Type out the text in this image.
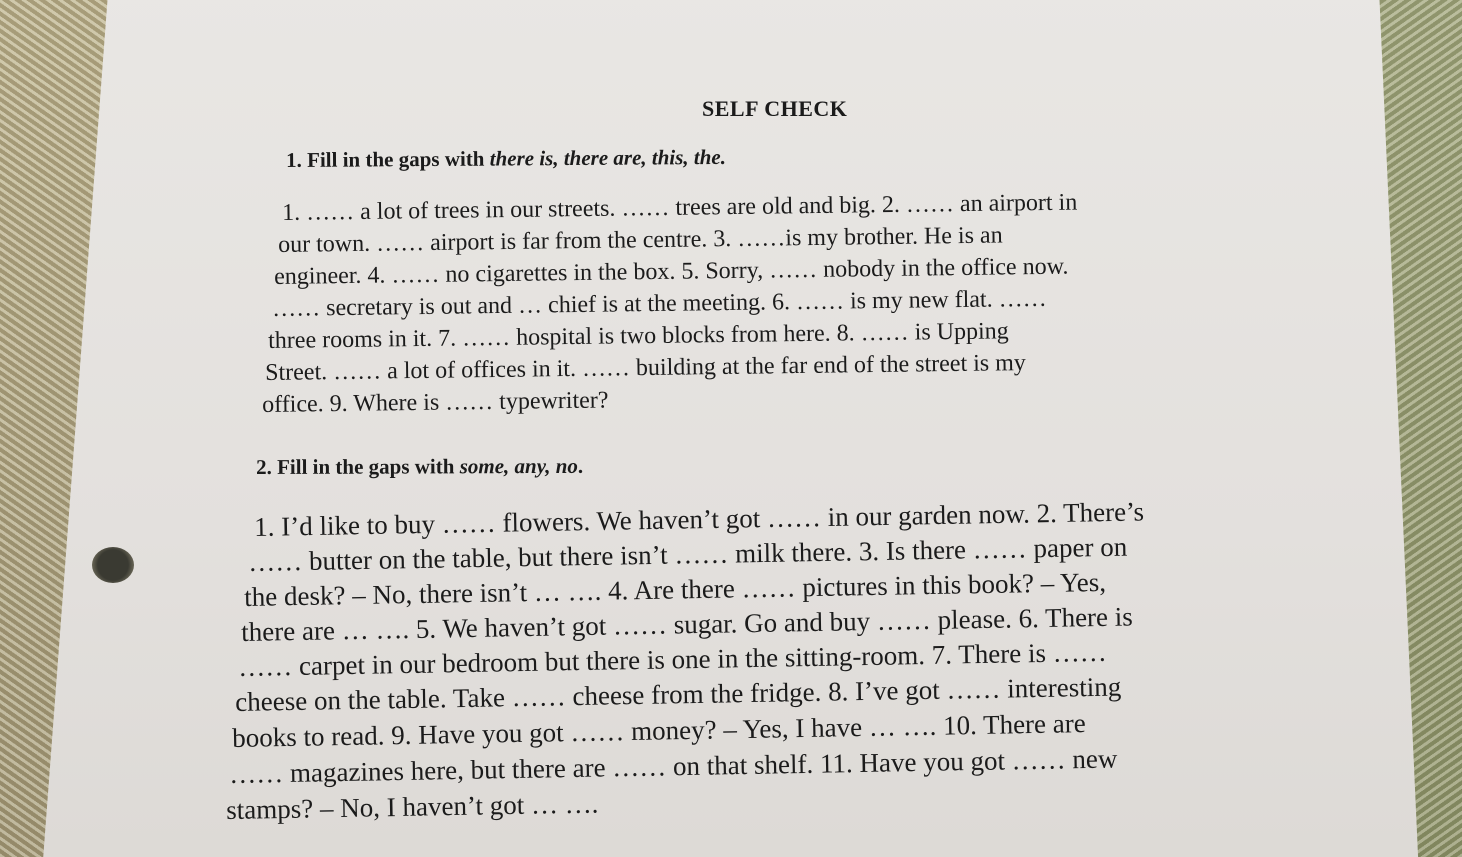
SELF CHECK
1. Fill in the gaps with there is, there are, this, the.
1. …… a lot of trees in our streets. …… trees are old and big. 2. …… an airport in
our town. …… airport is far from the centre. 3. ……is my brother. He is an
engineer. 4. …… no cigarettes in the box. 5. Sorry, …… nobody in the office now.
…… secretary is out and … chief is at the meeting. 6. …… is my new flat. ……
three rooms in it. 7. …… hospital is two blocks from here. 8. …… is Upping
Street. …… a lot of offices in it. …… building at the far end of the street is my
office. 9. Where is …… typewriter?
2. Fill in the gaps with some, any, no.
1. I’d like to buy …… flowers. We haven’t got …… in our garden now. 2. There’s
…… butter on the table, but there isn’t …… milk there. 3. Is there …… paper on
the desk? – No, there isn’t … …. 4. Are there …… pictures in this book? – Yes,
there are … …. 5. We haven’t got …… sugar. Go and buy …… please. 6. There is
…… carpet in our bedroom but there is one in the sitting-room. 7. There is ……
cheese on the table. Take …… cheese from the fridge. 8. I’ve got …… interesting
books to read. 9. Have you got …… money? – Yes, I have … …. 10. There are
…… magazines here, but there are …… on that shelf. 11. Have you got …… new
stamps? – No, I haven’t got … ….
